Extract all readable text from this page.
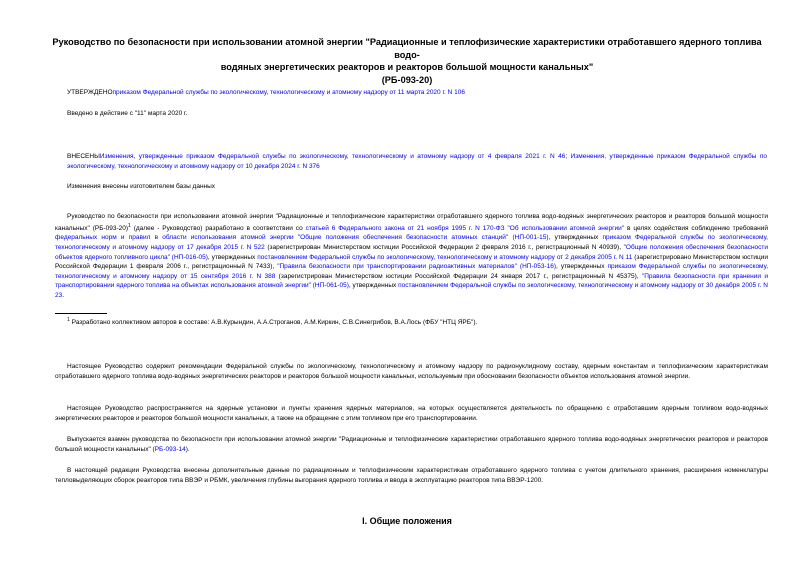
Руководство по безопасности при использовании атомной энергии "Радиационные и теплофизические характеристики отработавшего ядерного топлива водо-
водяных энергетических реакторов и реакторов большой мощности канальных"
(РБ-093-20)
УТВЕРЖДЕНОприказом Федеральной службы по экологическому, технологическому и атомному надзору от 11 марта 2020 г. N 106
Введено в действие с "11" марта 2020 г.
ВНЕСЕНЫИзменения, утвержденные приказом Федеральной службы по экологическому, технологическому и атомному надзору от 4 февраля 2021 г. N 46; Изменения, утвержденные приказом Федеральной службы по экологическому, технологическому и атомному надзору от 10 декабря 2024 г. N 376
Изменения внесены изготовителем базы данных
Руководство по безопасности при использовании атомной энергии "Радиационные и теплофизические характеристики отработавшего ядерного топлива водо-водяных энергетических реакторов и реакторов большой мощности канальных" $(РБ-093-20)^1$ (далее - Руководство) разработано в соответствии со статьей 6 Федерального закона от 21 ноября 1995 г. N 170-ФЗ "Об использовании атомной энергии" в целях содействия соблюдению требований федеральных норм и правил в области использования атомной энергии "Общие положения обеспечения безопасности атомных станций" (НП-001-15), утвержденных приказом Федеральной службы по экологическому, технологическому и атомному надзору от 17 декабря 2015 г. N 522 (зарегистрирован Министерством юстиции Российской Федерации 2 февраля 2016 г., регистрационный N 40939), "Общие положения обеспечения безопасности объектов ядерного топливного цикла" (НП-016-05), утвержденных постановлением Федеральной службы по экологическому, технологическому и атомному надзору от 2 декабря 2005 г. N 11 (зарегистрировано Министерством юстиции Российской Федерации 1 февраля 2006 г., регистрационный N 7433), "Правила безопасности при транспортировании радиоактивных материалов" (НП-053-16), утвержденных приказом Федеральной службы по экологическому, технологическому и атомному надзору от 15 сентября 2016 г. N 388 (зарегистрирован Министерством юстиции Российской Федерации 24 января 2017 г., регистрационный N 45375), "Правила безопасности при хранении и транспортировании ядерного топлива на объектах использования атомной энергии" (НП-061-05), утвержденных постановлением Федеральной службы по экологическому, технологическому и атомному надзору от 30 декабря 2005 г. N 23.
$^1$ Разработано коллективом авторов в составе: А.В.Курындин, А.А.Строганов, А.М.Киркин, С.В.Синегрибов, В.А.Лось (ФБУ "НТЦ ЯРБ").
Настоящее Руководство содержит рекомендации Федеральной службы по экологическому, технологическому и атомному надзору по радионуклидному составу, ядерным константам и теплофизическим характеристикам отработавшего ядерного топлива водо-водяных энергетических реакторов и реакторов большой мощности канальных, используемым при обосновании безопасности объектов использования атомной энергии.
Настоящее Руководство распространяется на ядерные установки и пункты хранения ядерных материалов, на которых осуществляется деятельность по обращению с отработавшим ядерным топливом водо-водяных энергетических реакторов и реакторов большой мощности канальных, а также на обращение с этим топливом при его транспортировании.
Выпускается взамен руководства по безопасности при использовании атомной энергии "Радиационные и теплофизические характеристики отработавшего ядерного топлива водо-водяных энергетических реакторов и реакторов большой мощности канальных" (РБ-093-14).
В настоящей редакции Руководства внесены дополнительные данные по радиационным и теплофизическим характеристикам отработавшего ядерного топлива с учетом длительного хранения, расширения номенклатуры тепловыделяющих сборок реакторов типа ВВЭР и РБМК, увеличения глубины выгорания ядерного топлива и ввода в эксплуатацию реакторов типа ВВЭР-1200.
I. Общие положения
